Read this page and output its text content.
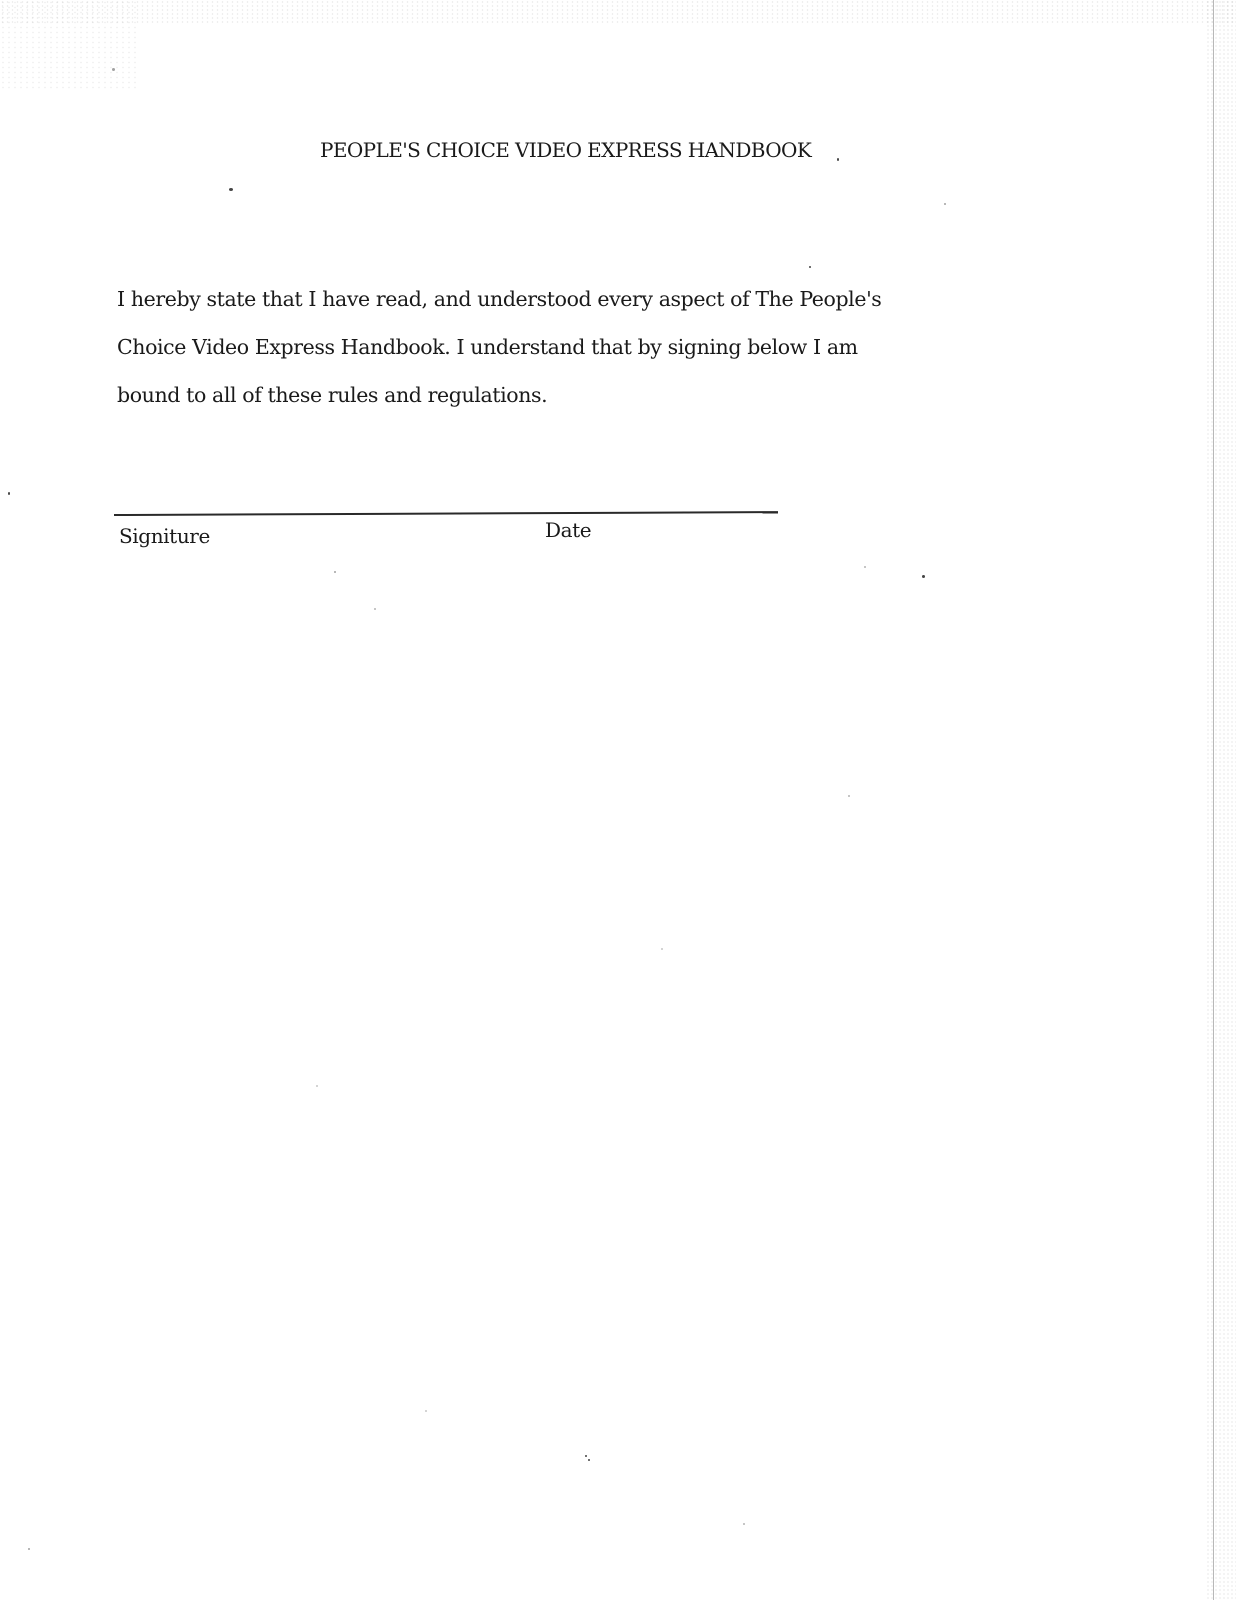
PEOPLE'S CHOICE VIDEO EXPRESS HANDBOOK
I hereby state that I have read, and understood every aspect of The People's
Choice Video Express Handbook. I understand that by signing below I am
bound to all of these rules and regulations.
Signiture	Date
